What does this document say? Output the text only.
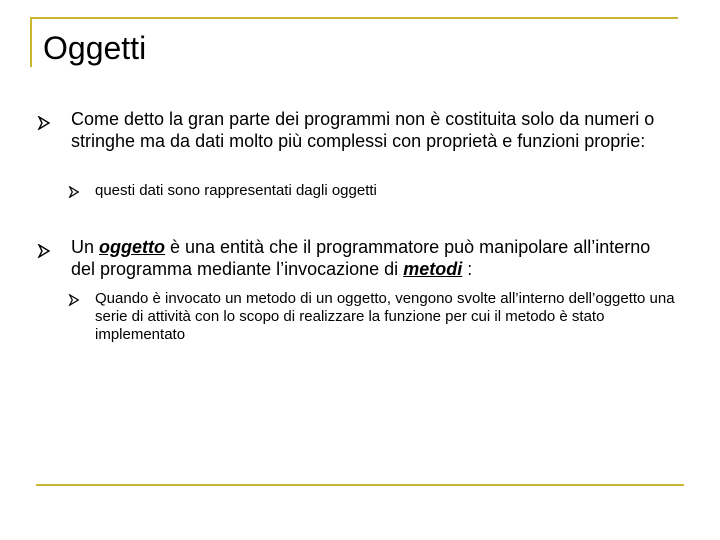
Oggetti
Come detto la gran parte dei programmi non è costituita solo da numeri o stringhe ma da dati molto più complessi con proprietà e funzioni proprie:
questi dati sono rappresentati dagli oggetti
Un oggetto è una entità che il programmatore può manipolare all’interno del programma mediante l’invocazione di metodi :
Quando è invocato un metodo di un oggetto, vengono svolte all’interno dell’oggetto una serie di attività con lo scopo di realizzare la funzione per cui il metodo è stato implementato
